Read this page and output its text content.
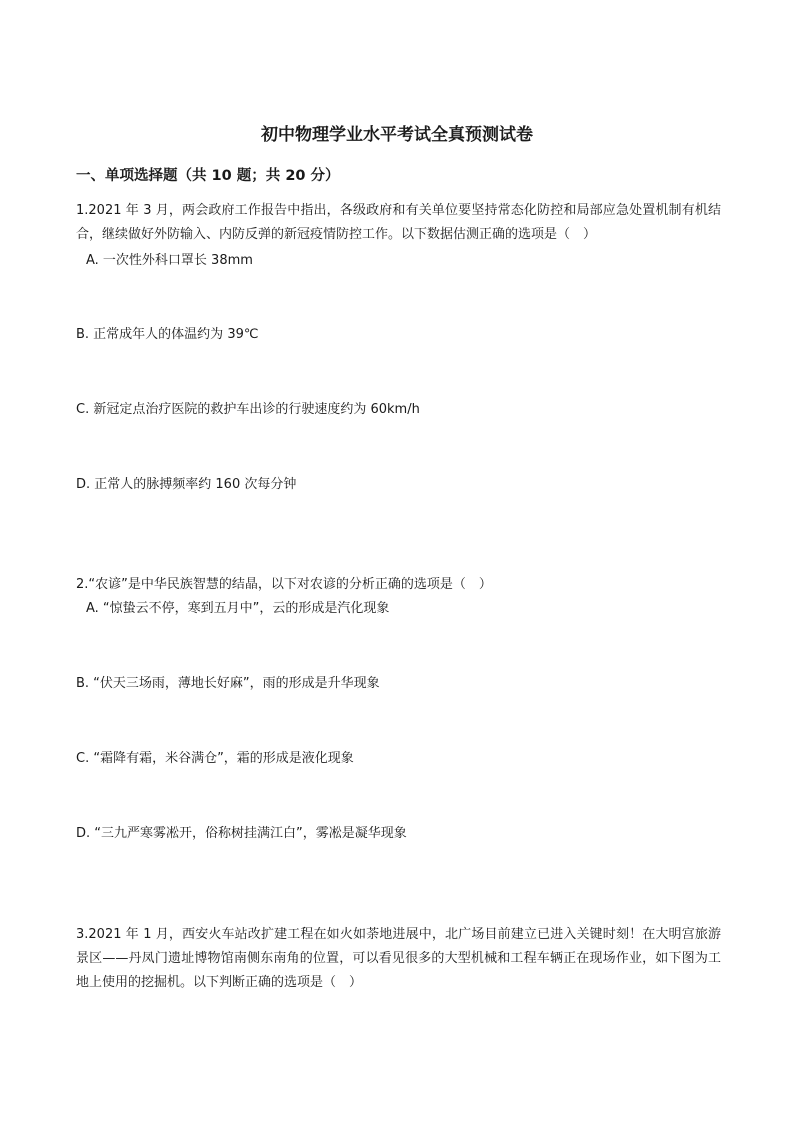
初中物理学业水平考试全真预测试卷
一、单项选择题（共 10 题；共 20 分）
1.2021 年 3 月，两会政府工作报告中指出，各级政府和有关单位要坚持常态化防控和局部应急处置机制有机结合，继续做好外防输入、内防反弹的新冠疫情防控工作。以下数据估测正确的选项是（　）
A. 一次性外科口罩长 38mm
B. 正常成年人的体温约为 39℃
C. 新冠定点治疗医院的救护车出诊的行驶速度约为 60km/h
D. 正常人的脉搏频率约 160 次每分钟
2.“农谚”是中华民族智慧的结晶，以下对农谚的分析正确的选项是（　）
A. “惊蛰云不停，寒到五月中”，云的形成是汽化现象
B. “伏天三场雨，薄地长好麻”，雨的形成是升华现象
C. “霜降有霜，米谷满仓”，霜的形成是液化现象
D. “三九严寒雾凇开，俗称树挂满江白”，雾凇是凝华现象
3.2021 年 1 月，西安火车站改扩建工程在如火如荼地进展中，北广场目前建立已进入关键时刻！在大明宫旅游景区——丹凤门遗址博物馆南侧东南角的位置，可以看见很多的大型机械和工程车辆正在现场作业，如下图为工地上使用的挖掘机。以下判断正确的选项是（　）
